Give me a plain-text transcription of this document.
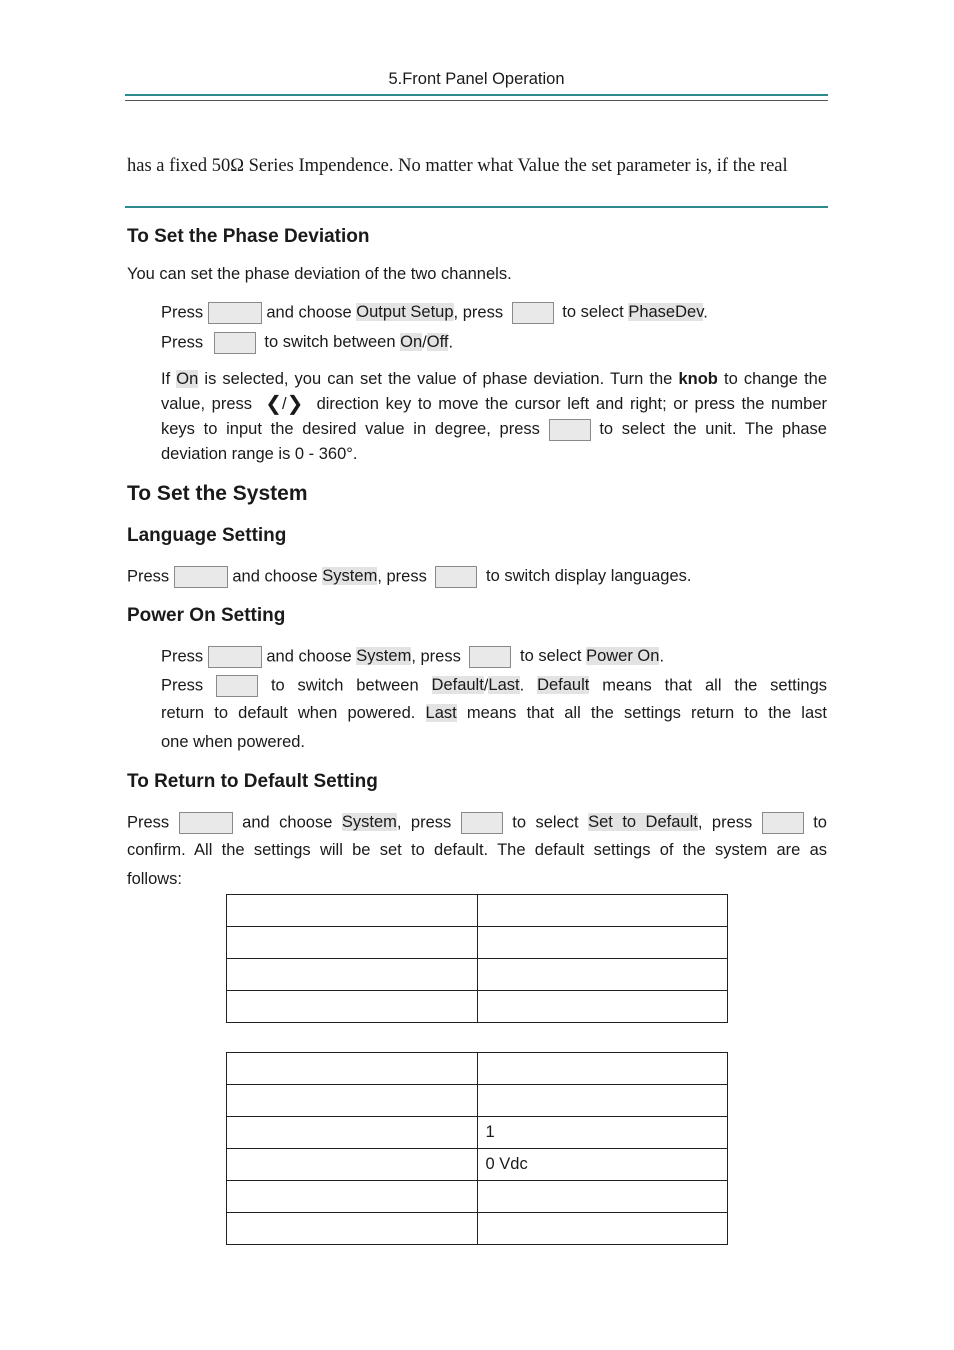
5.Front Panel Operation
has a fixed 50Ω Series Impendence. No matter what Value the set parameter is, if the real
To Set the Phase Deviation
You can set the phase deviation of the two channels.
Press	and choose Output Setup, press	to select PhaseDev.
Press	to switch between On/Off.
If On is selected, you can set the value of phase deviation. Turn the knob to change the value, press ❮/❯ direction key to move the cursor left and right; or press the number keys to input the desired value in degree, press	to select the unit. The phase deviation range is 0 - 360°.
To Set the System
Language Setting
Press	and choose System, press	to switch display languages.
Power On Setting
Press	and choose System, press	to select Power On.
Press	to switch between Default/Last. Default means that all the settings
return to default when powered. Last means that all the settings return to the last
one when powered.
To Return to Default Setting
Press	and choose System, press	to select Set to Default, press	to
confirm. All the settings will be set to default. The default settings of the system are as
follows:

	1
	0 Vdc
